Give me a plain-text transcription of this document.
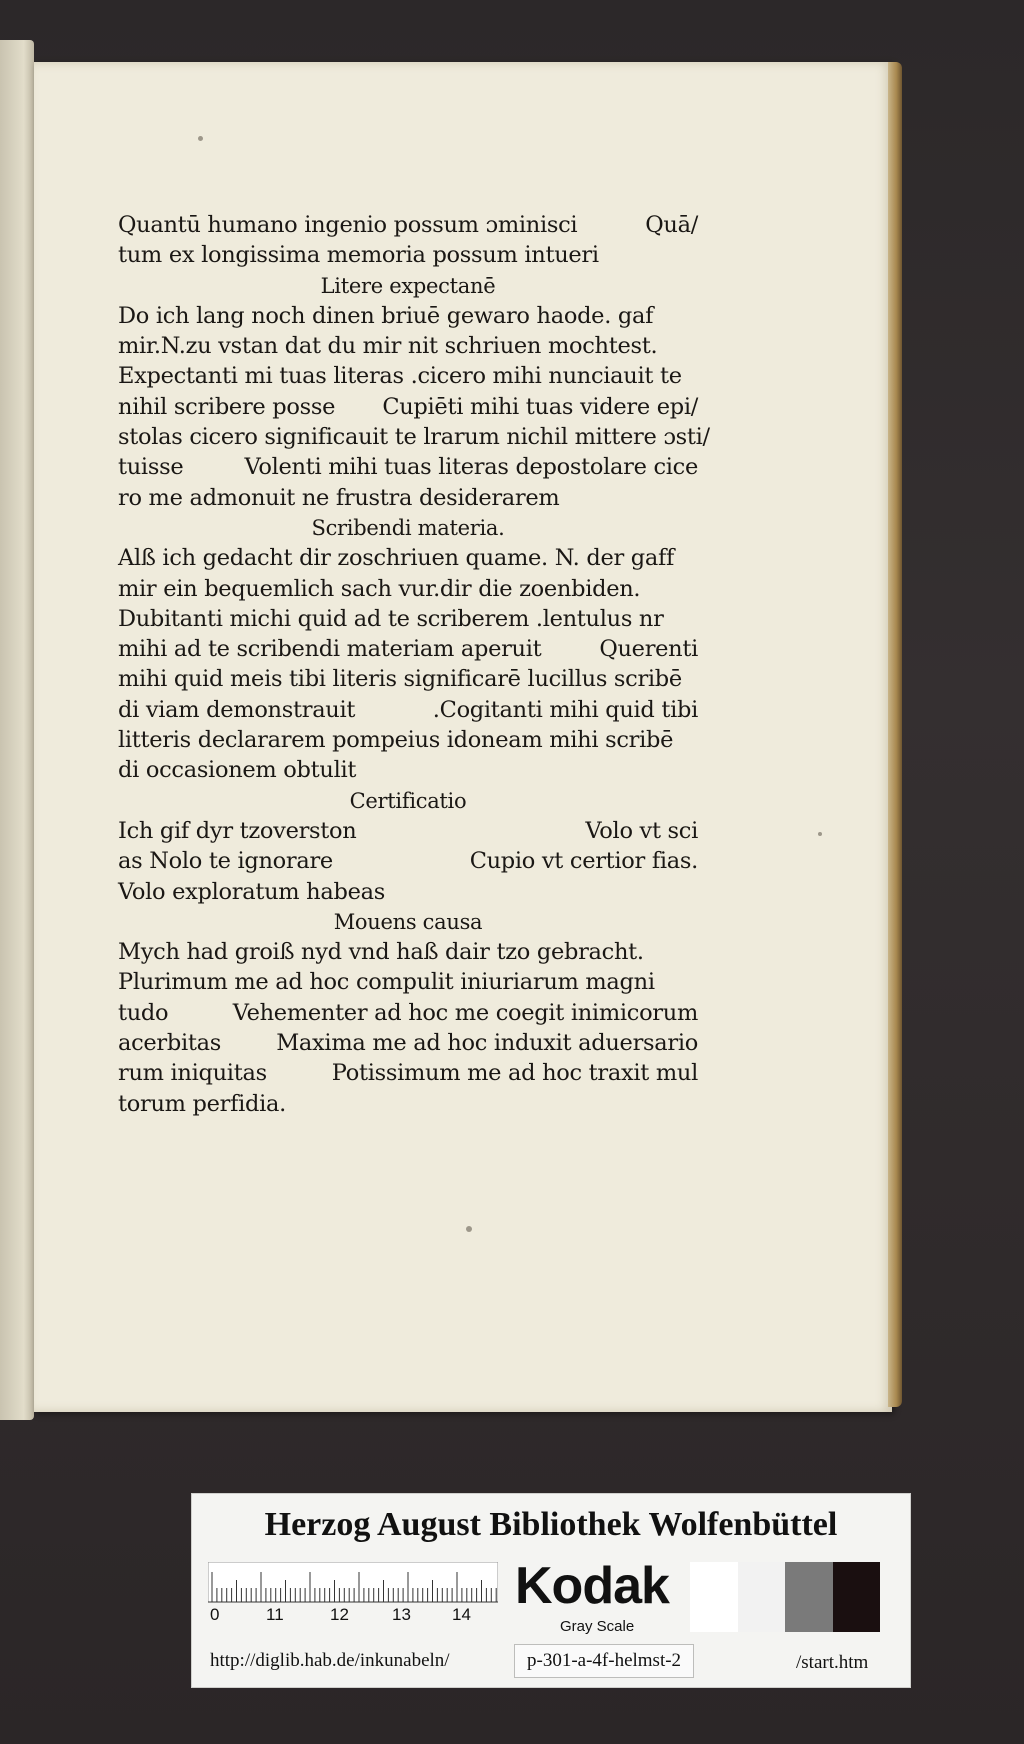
Quantū humano ingenio possum ɔminisci	Quā/
tum ex longissima memoria possum intueri
Litere expectanē
Do ich lang noch dinen briuē gewaro haode. gaf
mir.N.zu vstan dat du mir nit schriuen mochtest.
Expectanti mi tuas literas .cicero mihi nunciauit te
nihil scribere posse Cupiēti mihi tuas videre epi/
stolas cicero significauit te lrarum nichil mittere ɔsti/
tuisse	Volenti mihi tuas literas depostolare cice
ro me admonuit ne frustra desiderarem
Scribendi materia.
Alß ich gedacht dir zoschriuen quame. N. der gaff
mir ein bequemlich sach vur.dir die zoenbiden.
Dubitanti michi quid ad te scriberem .lentulus nr
mihi ad te scribendi materiam aperuit	Querenti
mihi quid meis tibi literis significarē lucillus scribē
di viam demonstrauit	.Cogitanti mihi quid tibi
litteris declararem pompeius idoneam mihi scribē
di occasionem obtulit
Certificatio
Ich gif dyr tzoverston	Volo vt sci
as Nolo te ignorare	Cupio vt certior fias.
Volo exploratum habeas
Mouens causa
Mych had groiß nyd vnd haß dair tzo gebracht.
Plurimum me ad hoc compulit iniuriarum magni
tudo	Vehementer ad hoc me coegit inimicorum
acerbitas Maxima me ad hoc induxit aduersario
rum iniquitas	Potissimum me ad hoc traxit mul
torum perfidia.
Herzog August Bibliothek Wolfenbüttel
0	11	12	13 14 Kodak
Gray Scale
http://diglib.hab.de/inkunabeln/	p-301-a-4f-helmst-2	/start.htm
